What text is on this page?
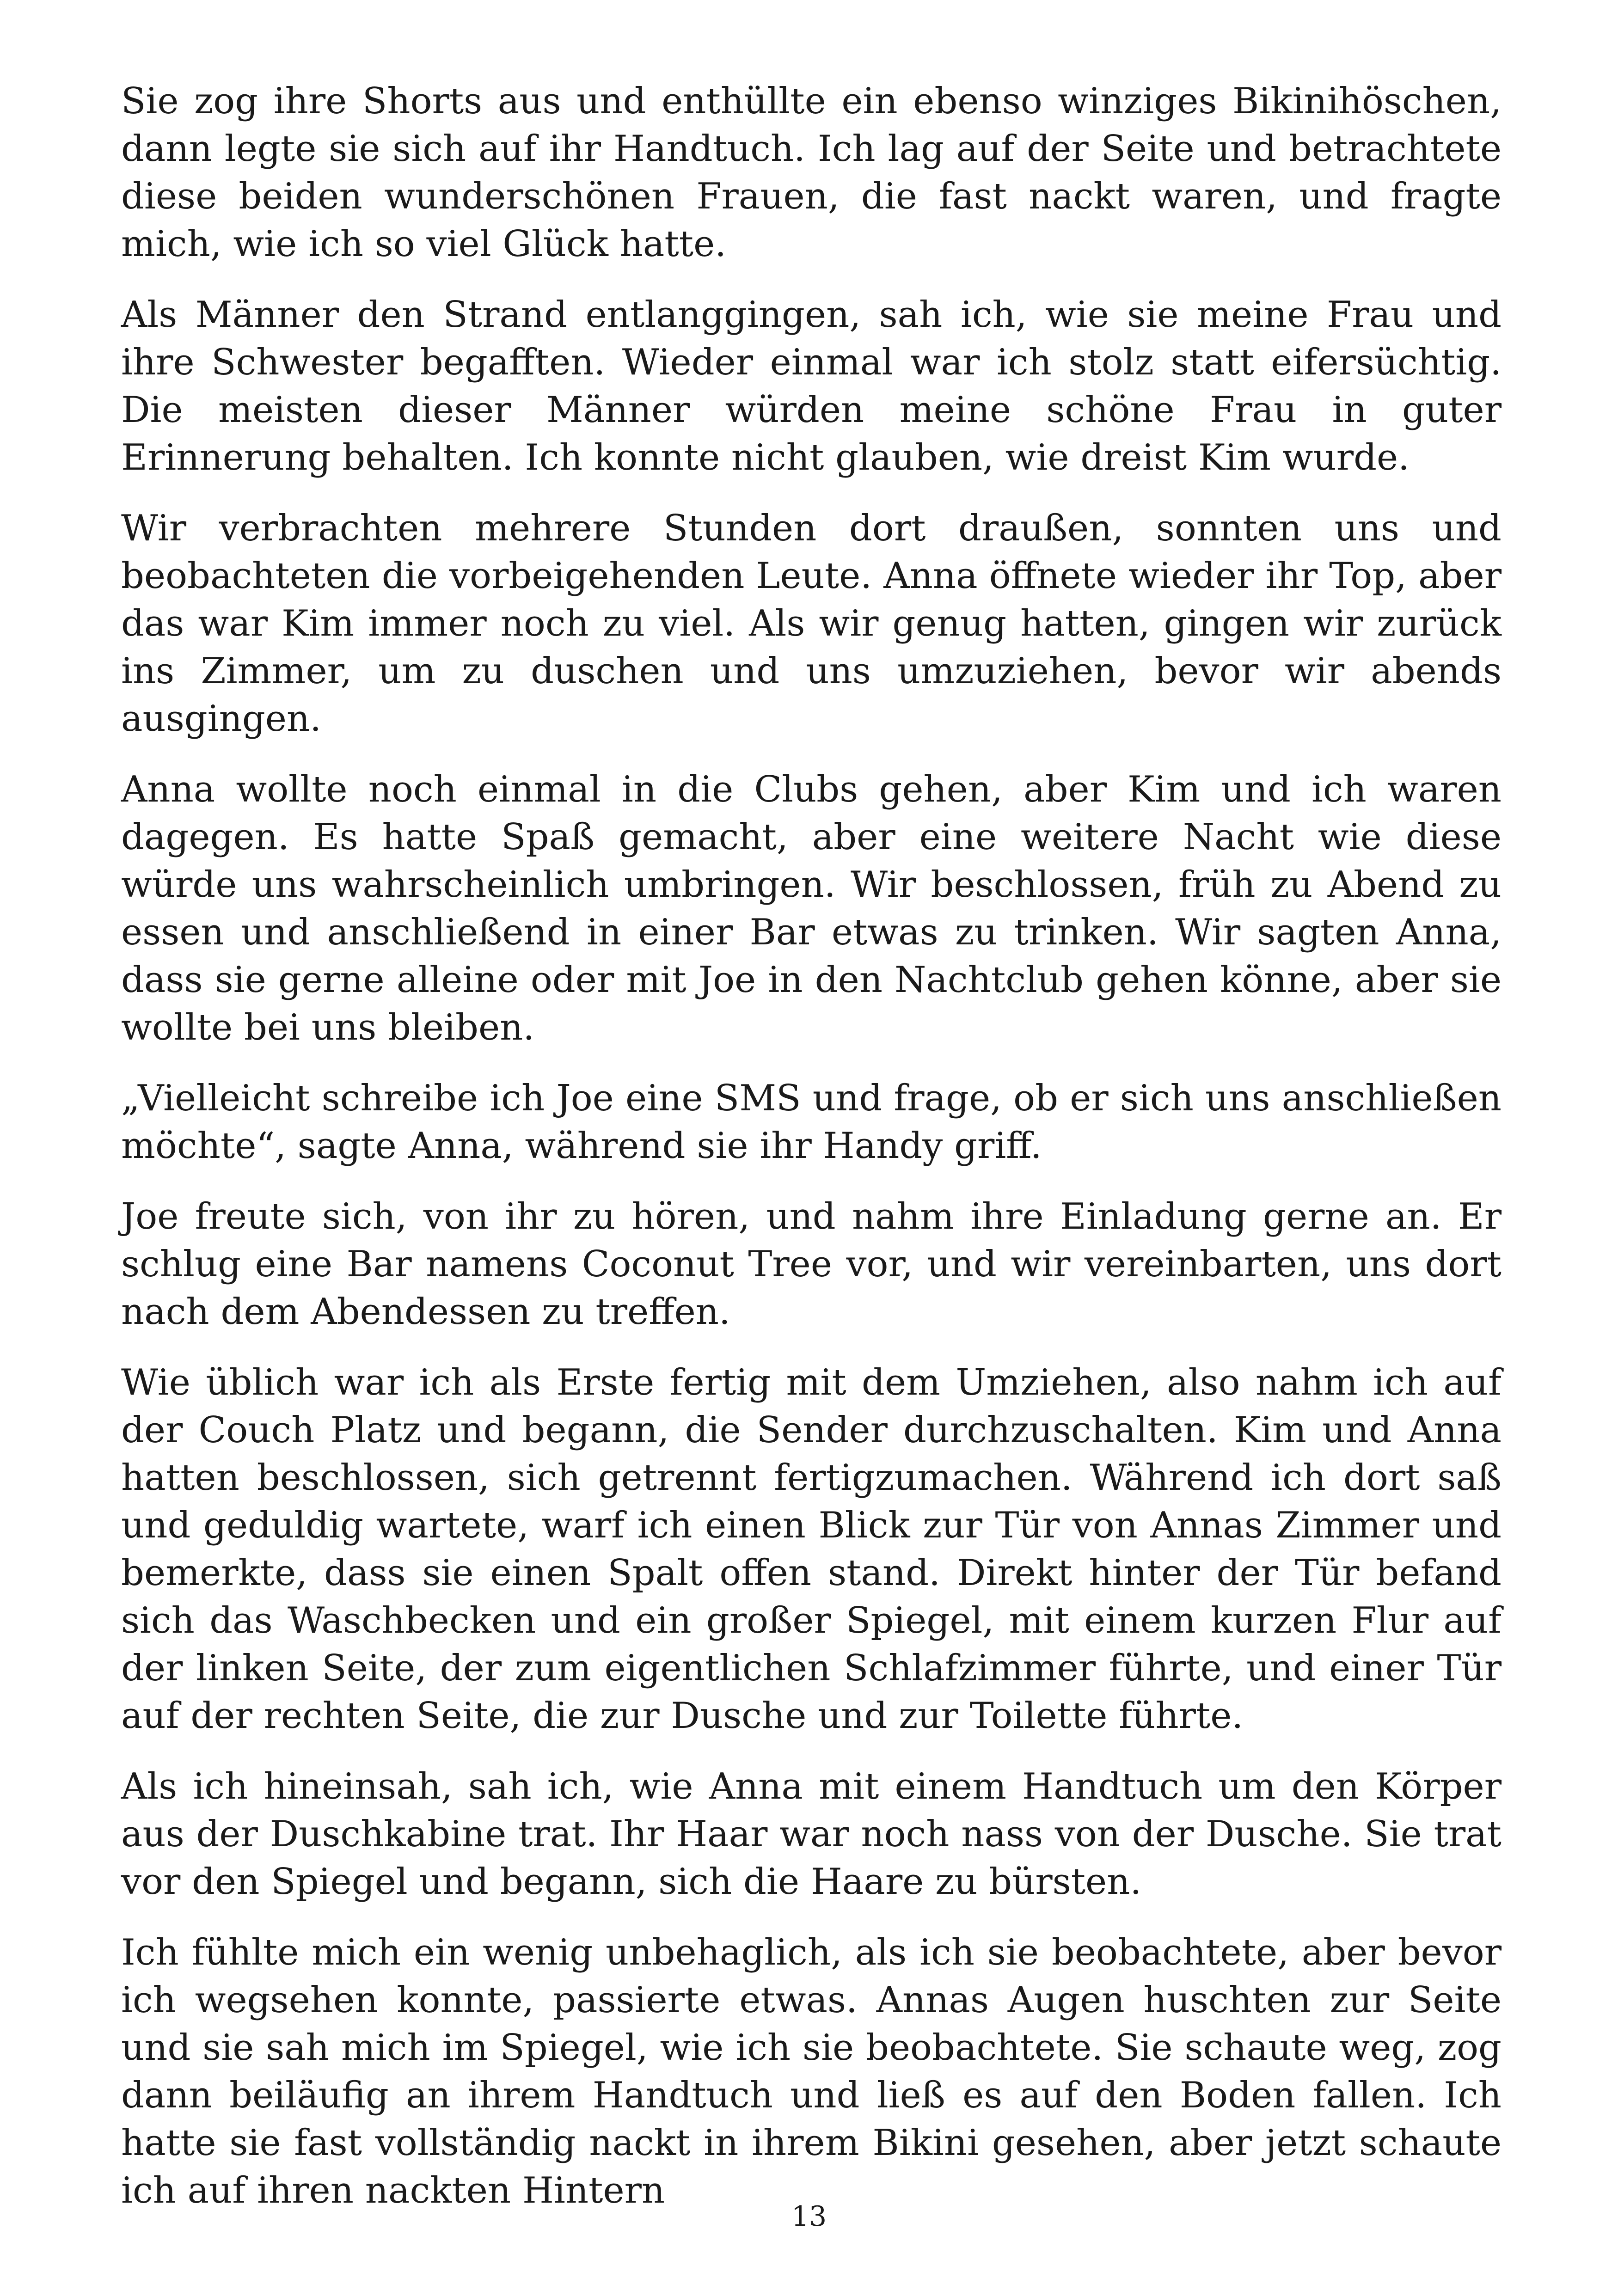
Sie zog ihre Shorts aus und enthüllte ein ebenso winziges Bikinihöschen, dann legte sie sich auf ihr Handtuch. Ich lag auf der Seite und betrachtete diese beiden wunderschönen Frauen, die fast nackt waren, und fragte mich, wie ich so viel Glück hatte.

Als Männer den Strand entlanggingen, sah ich, wie sie meine Frau und ihre Schwester begafften. Wieder einmal war ich stolz statt eifersüchtig. Die meisten dieser Männer würden meine schöne Frau in guter Erinnerung behalten. Ich konnte nicht glauben, wie dreist Kim wurde.

Wir verbrachten mehrere Stunden dort draußen, sonnten uns und beobachteten die vorbeigehenden Leute. Anna öffnete wieder ihr Top, aber das war Kim immer noch zu viel. Als wir genug hatten, gingen wir zurück ins Zimmer, um zu duschen und uns umzuziehen, bevor wir abends ausgingen.

Anna wollte noch einmal in die Clubs gehen, aber Kim und ich waren dagegen. Es hatte Spaß gemacht, aber eine weitere Nacht wie diese würde uns wahrscheinlich umbringen. Wir beschlossen, früh zu Abend zu essen und anschließend in einer Bar etwas zu trinken. Wir sagten Anna, dass sie gerne alleine oder mit Joe in den Nachtclub gehen könne, aber sie wollte bei uns bleiben.

„Vielleicht schreibe ich Joe eine SMS und frage, ob er sich uns anschließen möchte“, sagte Anna, während sie ihr Handy griff.

Joe freute sich, von ihr zu hören, und nahm ihre Einladung gerne an. Er schlug eine Bar namens Coconut Tree vor, und wir vereinbarten, uns dort nach dem Abendessen zu treffen.

Wie üblich war ich als Erste fertig mit dem Umziehen, also nahm ich auf der Couch Platz und begann, die Sender durchzuschalten. Kim und Anna hatten beschlossen, sich getrennt fertigzumachen. Während ich dort saß und geduldig wartete, warf ich einen Blick zur Tür von Annas Zimmer und bemerkte, dass sie einen Spalt offen stand. Direkt hinter der Tür befand sich das Waschbecken und ein großer Spiegel, mit einem kurzen Flur auf der linken Seite, der zum eigentlichen Schlafzimmer führte, und einer Tür auf der rechten Seite, die zur Dusche und zur Toilette führte.

Als ich hineinsah, sah ich, wie Anna mit einem Handtuch um den Körper aus der Duschkabine trat. Ihr Haar war noch nass von der Dusche. Sie trat vor den Spiegel und begann, sich die Haare zu bürsten.

Ich fühlte mich ein wenig unbehaglich, als ich sie beobachtete, aber bevor ich wegsehen konnte, passierte etwas. Annas Augen huschten zur Seite und sie sah mich im Spiegel, wie ich sie beobachtete. Sie schaute weg, zog dann beiläufig an ihrem Handtuch und ließ es auf den Boden fallen. Ich hatte sie fast vollständig nackt in ihrem Bikini gesehen, aber jetzt schaute ich auf ihren nackten Hintern

13
